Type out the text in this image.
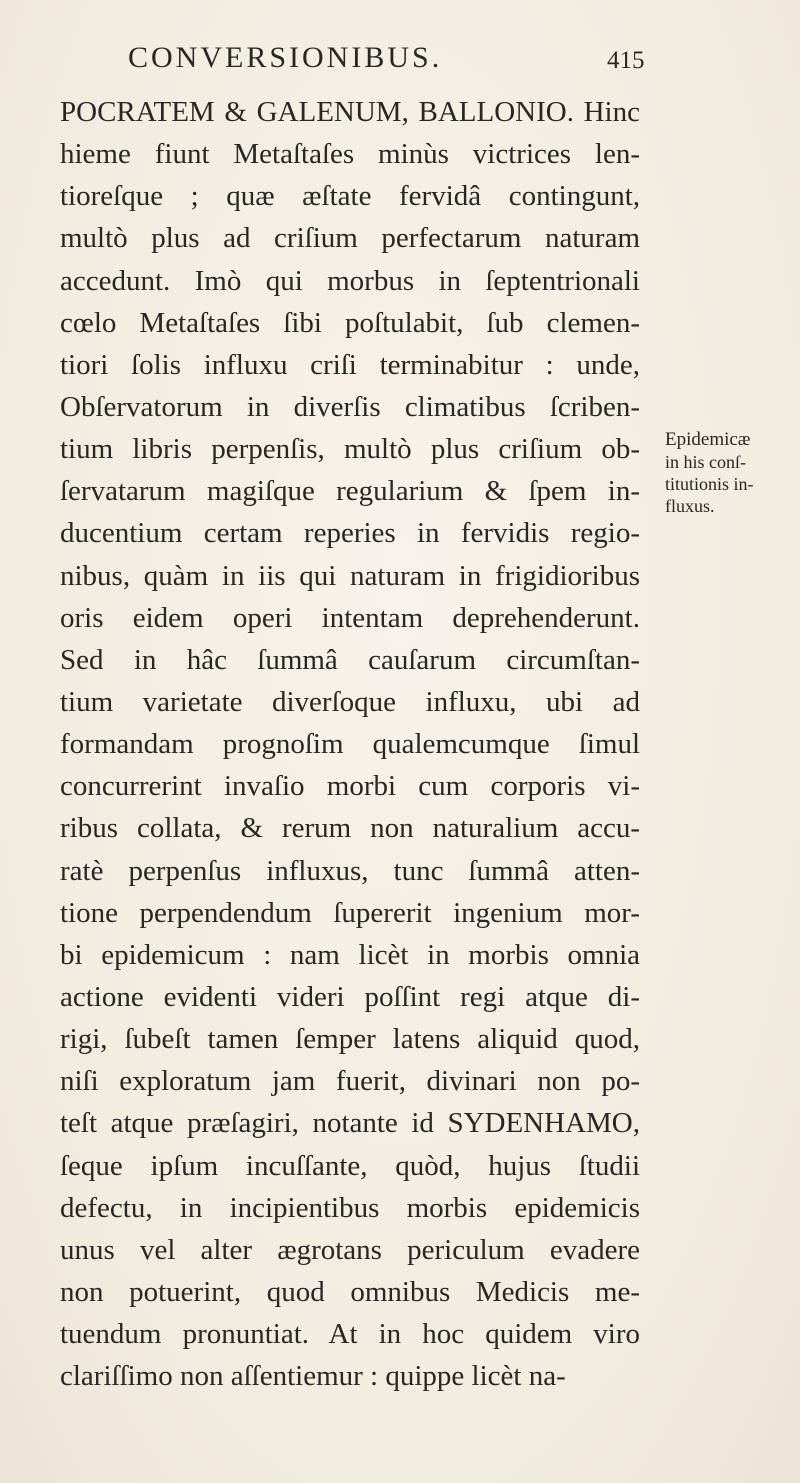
CONVERSIONIBUS.	415
POCRATEM & GALENUM, BALLONIO. Hinc
hieme fiunt Metaſtaſes minùs victrices len-
tioreſque ; quæ æſtate fervidâ contingunt,
multò plus ad criſium perfectarum naturam
accedunt. Imò qui morbus in ſeptentrionali
cœlo Metaſtaſes ſibi poſtulabit, ſub clemen-
tiori ſolis influxu criſi terminabitur : unde,
Obſervatorum in diverſis climatibus ſcriben-
tium libris perpenſis, multò plus criſium ob-
ſervatarum magiſque regularium & ſpem in-
ducentium certam reperies in fervidis regio-
nibus, quàm in iis qui naturam in frigidioribus
oris eidem operi intentam deprehenderunt.
Sed in hâc ſummâ cauſarum circumſtan-
tium varietate diverſoque influxu, ubi ad
formandam prognoſim qualemcumque ſimul
concurrerint invaſio morbi cum corporis vi-
ribus collata, & rerum non naturalium accu-
ratè perpenſus influxus, tunc ſummâ atten-
tione perpendendum ſupererit ingenium mor-
bi epidemicum : nam licèt in morbis omnia
actione evidenti videri poſſint regi atque di-
rigi, ſubeſt tamen ſemper latens aliquid quod,
niſi exploratum jam fuerit, divinari non po-
teſt atque præſagiri, notante id SYDENHAMO,
ſeque ipſum incuſſante, quòd, hujus ſtudii
defectu, in incipientibus morbis epidemicis
unus vel alter ægrotans periculum evadere
non potuerint, quod omnibus Medicis me-
tuendum pronuntiat. At in hoc quidem viro
clariſſimo non aſſentiemur : quippe licèt na-
Epidemicæ
in his conſ-
titutionis in-
fluxus.
